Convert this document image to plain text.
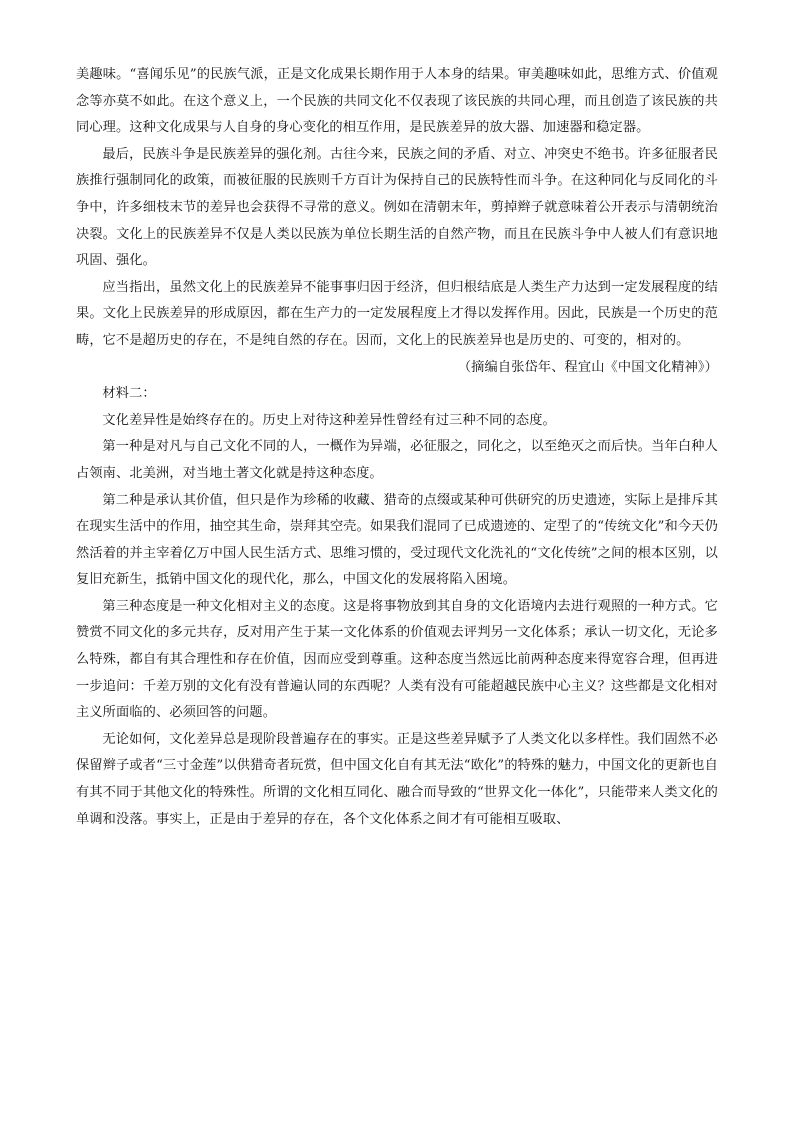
美趣味。“喜闻乐见”的民族气派，正是文化成果长期作用于人本身的结果。审美趣味如此，思维方式、价值观念等亦莫不如此。在这个意义上，一个民族的共同文化不仅表现了该民族的共同心理，而且创造了该民族的共同心理。这种文化成果与人自身的身心变化的相互作用，是民族差异的放大器、加速器和稳定器。

最后，民族斗争是民族差异的强化剂。古往今来，民族之间的矛盾、对立、冲突史不绝书。许多征服者民族推行强制同化的政策，而被征服的民族则千方百计为保持自己的民族特性而斗争。在这种同化与反同化的斗争中，许多细枝末节的差异也会获得不寻常的意义。例如在清朝末年，剪掉辫子就意味着公开表示与清朝统治决裂。文化上的民族差异不仅是人类以民族为单位长期生活的自然产物，而且在民族斗争中人被人们有意识地巩固、强化。

应当指出，虽然文化上的民族差异不能事事归因于经济，但归根结底是人类生产力达到一定发展程度的结果。文化上民族差异的形成原因，都在生产力的一定发展程度上才得以发挥作用。因此，民族是一个历史的范畴，它不是超历史的存在，不是纯自然的存在。因而，文化上的民族差异也是历史的、可变的，相对的。

（摘编自张岱年、程宜山《中国文化精神》）

材料二：

文化差异性是始终存在的。历史上对待这种差异性曾经有过三种不同的态度。

第一种是对凡与自己文化不同的人，一概作为异端，必征服之，同化之，以至绝灭之而后快。当年白种人占领南、北美洲，对当地土著文化就是持这种态度。

第二种是承认其价值，但只是作为珍稀的收藏、猎奇的点缀或某种可供研究的历史遗迹，实际上是排斥其在现实生活中的作用，抽空其生命，崇拜其空壳。如果我们混同了已成遗迹的、定型了的“传统文化”和今天仍然活着的并主宰着亿万中国人民生活方式、思维习惯的，受过现代文化洗礼的“文化传统”之间的根本区别，以复旧充新生，抵销中国文化的现代化，那么，中国文化的发展将陷入困境。

第三种态度是一种文化相对主义的态度。这是将事物放到其自身的文化语境内去进行观照的一种方式。它赞赏不同文化的多元共存，反对用产生于某一文化体系的价值观去评判另一文化体系；承认一切文化，无论多么特殊，都自有其合理性和存在价值，因而应受到尊重。这种态度当然远比前两种态度来得宽容合理，但再进一步追问：千差万别的文化有没有普遍认同的东西呢？人类有没有可能超越民族中心主义？这些都是文化相对主义所面临的、必须回答的问题。

无论如何，文化差异总是现阶段普遍存在的事实。正是这些差异赋予了人类文化以多样性。我们固然不必保留辫子或者“三寸金莲”以供猎奇者玩赏，但中国文化自有其无法“欧化”的特殊的魅力，中国文化的更新也自有其不同于其他文化的特殊性。所谓的文化相互同化、融合而导致的“世界文化一体化”，只能带来人类文化的单调和没落。事实上，正是由于差异的存在，各个文化体系之间才有可能相互吸取、
